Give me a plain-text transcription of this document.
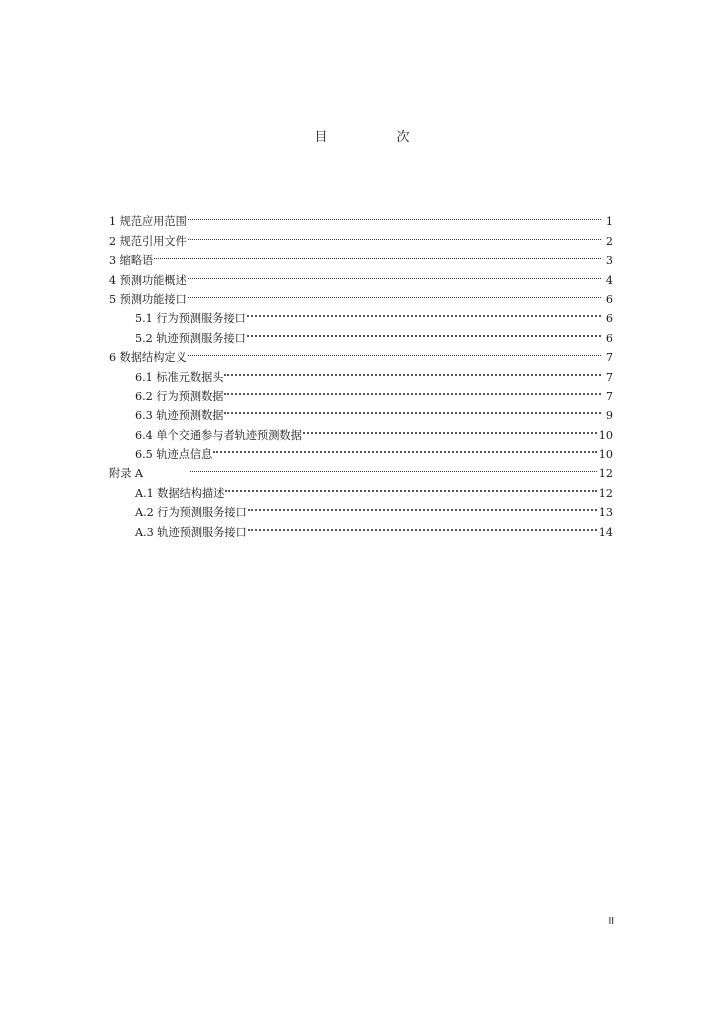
目　次
1 规范应用范围	1
2 规范引用文件	2
3 缩略语	3
4 预测功能概述	4
5 预测功能接口	6
5.1 行为预测服务接口	6
5.2 轨迹预测服务接口	6
6 数据结构定义	7
6.1 标准元数据头	7
6.2 行为预测数据	7
6.3 轨迹预测数据	9
6.4 单个交通参与者轨迹预测数据	10
6.5 轨迹点信息	10
附录 A	12
A.1 数据结构描述	12
A.2 行为预测服务接口	13
A.3 轨迹预测服务接口	14
II
